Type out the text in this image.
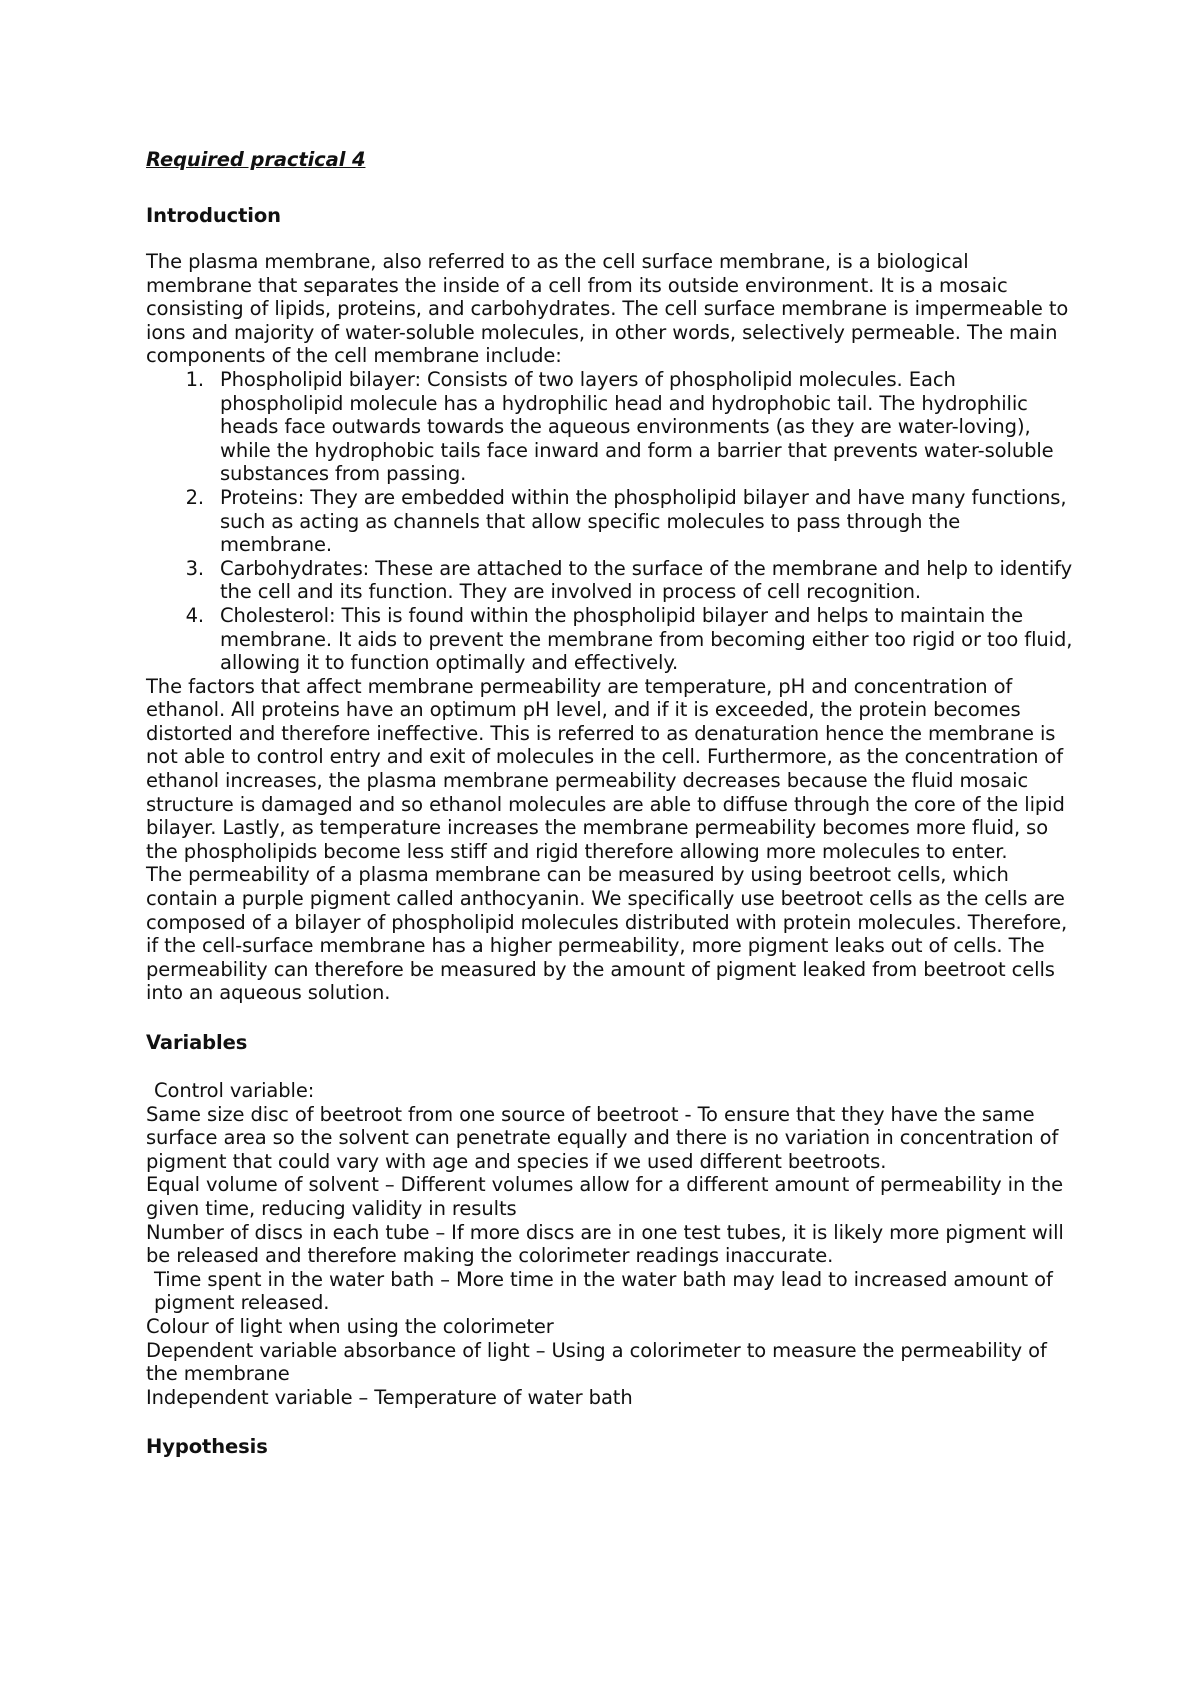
Required practical 4

Introduction

The plasma membrane, also referred to as the cell surface membrane, is a biological membrane that separates the inside of a cell from its outside environment. It is a mosaic consisting of lipids, proteins, and carbohydrates. The cell surface membrane is impermeable to ions and majority of water-soluble molecules, in other words, selectively permeable. The main components of the cell membrane include:

1. Phospholipid bilayer: Consists of two layers of phospholipid molecules. Each phospholipid molecule has a hydrophilic head and hydrophobic tail. The hydrophilic heads face outwards towards the aqueous environments (as they are water-loving), while the hydrophobic tails face inward and form a barrier that prevents water-soluble substances from passing.
2. Proteins: They are embedded within the phospholipid bilayer and have many functions, such as acting as channels that allow specific molecules to pass through the membrane.
3. Carbohydrates: These are attached to the surface of the membrane and help to identify the cell and its function. They are involved in process of cell recognition.
4. Cholesterol: This is found within the phospholipid bilayer and helps to maintain the membrane. It aids to prevent the membrane from becoming either too rigid or too fluid, allowing it to function optimally and effectively.

The factors that affect membrane permeability are temperature, pH and concentration of ethanol. All proteins have an optimum pH level, and if it is exceeded, the protein becomes distorted and therefore ineffective. This is referred to as denaturation hence the membrane is not able to control entry and exit of molecules in the cell. Furthermore, as the concentration of ethanol increases, the plasma membrane permeability decreases because the fluid mosaic structure is damaged and so ethanol molecules are able to diffuse through the core of the lipid bilayer. Lastly, as temperature increases the membrane permeability becomes more fluid, so the phospholipids become less stiff and rigid therefore allowing more molecules to enter.

The permeability of a plasma membrane can be measured by using beetroot cells, which contain a purple pigment called anthocyanin. We specifically use beetroot cells as the cells are composed of a bilayer of phospholipid molecules distributed with protein molecules. Therefore, if the cell-surface membrane has a higher permeability, more pigment leaks out of cells. The permeability can therefore be measured by the amount of pigment leaked from beetroot cells into an aqueous solution.

Variables

Control variable:

Same size disc of beetroot from one source of beetroot - To ensure that they have the same surface area so the solvent can penetrate equally and there is no variation in concentration of pigment that could vary with age and species if we used different beetroots.

Equal volume of solvent – Different volumes allow for a different amount of permeability in the given time, reducing validity in results

Number of discs in each tube – If more discs are in one test tubes, it is likely more pigment will be released and therefore making the colorimeter readings inaccurate.

Time spent in the water bath – More time in the water bath may lead to increased amount of pigment released.

Colour of light when using the colorimeter

Dependent variable absorbance of light – Using a colorimeter to measure the permeability of the membrane

Independent variable – Temperature of water bath

Hypothesis
